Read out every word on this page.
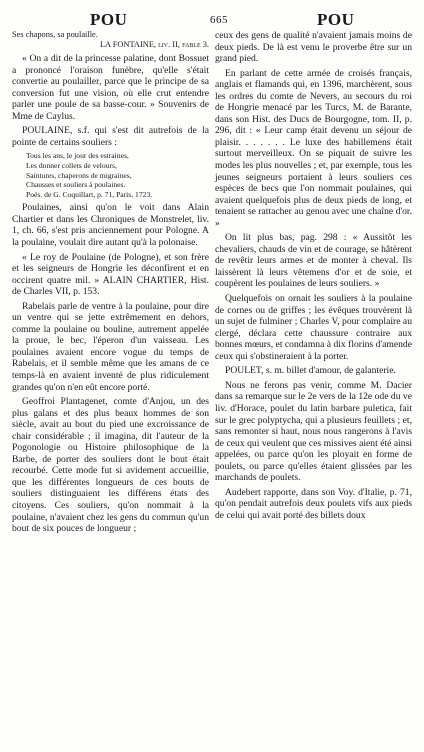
POU	665	POU

Ses chapons, sa poulaille.

LA FONTAINE, liv. II, fable 3.

« On a dit de la princesse palatine, dont Bossuet a prononcé l'oraison funèbre, qu'elle s'était convertie au poulailler, parce que le principe de sa conversion fut une vision, où elle crut entendre parler une poule de sa basse-cour. » Souvenirs de Mme de Caylus.

POULAINE, s.f. qui s'est dit autrefois de la pointe de certains souliers :

Tous les ans, le jour des estraines,

Les donner collets de velours,

Saintures, chaperons de migraines,

Chausses et souliers à poulaines.

Poés. de G. Coquillart, p. 71, Paris, 1723.

Poulaines, ainsi qu'on le voit dans Alain Chartier et dans les Chroniques de Monstrelet, liv. 1, ch. 66, s'est pris anciennement pour Pologne. A la poulaine, voulait dire autant qu'à la polonaise.

« Le roy de Poulaine (de Pologne), et son frère et les seigneurs de Hongrie les déconfirent et en occirent quatre mil. » ALAIN CHARTIER, Hist. de Charles VII, p. 153.

Rabelais parle de ventre à la poulaine, pour dire un ventre qui se jette extrêmement en dehors, comme la poulaine ou bouline, autrement appelée la proue, le bec, l'éperon d'un vaisseau. Les poulaines avaient encore vogue du temps de Rabelais, et il semble même que les amans de ce temps-là en avaient inventé de plus ridiculement grandes qu'on n'en eût encore porté.

Geoffroi Plantagenet, comte d'Anjou, un des plus galans et des plus beaux hommes de son siècle, avait au bout du pied une excroissance de chair considérable ; il imagina, dit l'auteur de la Pogonologie ou Histoire philosophique de la Barbe, de porter des souliers dont le bout était recourbé. Cette mode fut si avidement accueillie, que les différentes longueurs de ces bouts de souliers distinguaient les différens états des citoyens. Ces souliers, qu'on nommait à la poulaine, n'avaient chez les gens du commun qu'un bout de six pouces de longueur ;

ceux des gens de qualité n'avaient jamais moins de deux pieds. De là est venu le proverbe être sur un grand pied.

En parlant de cette armée de croisés français, anglais et flamands qui, en 1396, marchèrent, sous les ordres du comte de Nevers, au secours du roi de Hongrie menacé par les Turcs, M. de Barante, dans son Hist. des Ducs de Bourgogne, tom. II, p. 296, dit : « Leur camp était devenu un séjour de plaisir. . . . . . . Le luxe des habillemens était surtout merveilleux. On se piquait de suivre les modes les plus nouvelles ; et, par exemple, tous les jeunes seigneurs portaient à leurs souliers ces espèces de becs que l'on nommait poulaines, qui avaient quelquefois plus de deux pieds de long, et tenaient se rattacher au genou avec une chaîne d'or. »

On lit plus bas, pag. 298 : « Aussitôt les chevaliers, chauds de vin et de courage, se hâtèrent de revêtir leurs armes et de monter à cheval. Ils laissèrent là leurs vêtemens d'or et de soie, et coupèrent les poulaines de leurs souliers. »

Quelquefois on ornait les souliers à la poulaine de cornes ou de griffes ; les évêques trouvèrent là un sujet de fulminer ; Charles V, pour complaire au clergé, déclara cette chaussure contraire aux bonnes mœurs, et condamna à dix florins d'amende ceux qui s'obstineraient à la porter.

POULET, s. m. billet d'amour, de galanterie.

Nous ne ferons pas venir, comme M. Dacier dans sa remarque sur le 2e vers de la 12e ode du ve liv. d'Horace, poulet du latin barbare puletica, fait sur le grec polyptycha, qui a plusieurs feuillets ; et, sans remonter si haut, nous nous rangerons à l'avis de ceux qui veulent que ces missives aient été ainsi appelées, ou parce qu'on les ployait en forme de poulets, ou parce qu'elles étaient glissées par les marchands de poulets.

Audebert rapporte, dans son Voy. d'Italie, p. 71, qu'on pendait autrefois deux poulets vifs aux pieds de celui qui avait porté des billets doux
